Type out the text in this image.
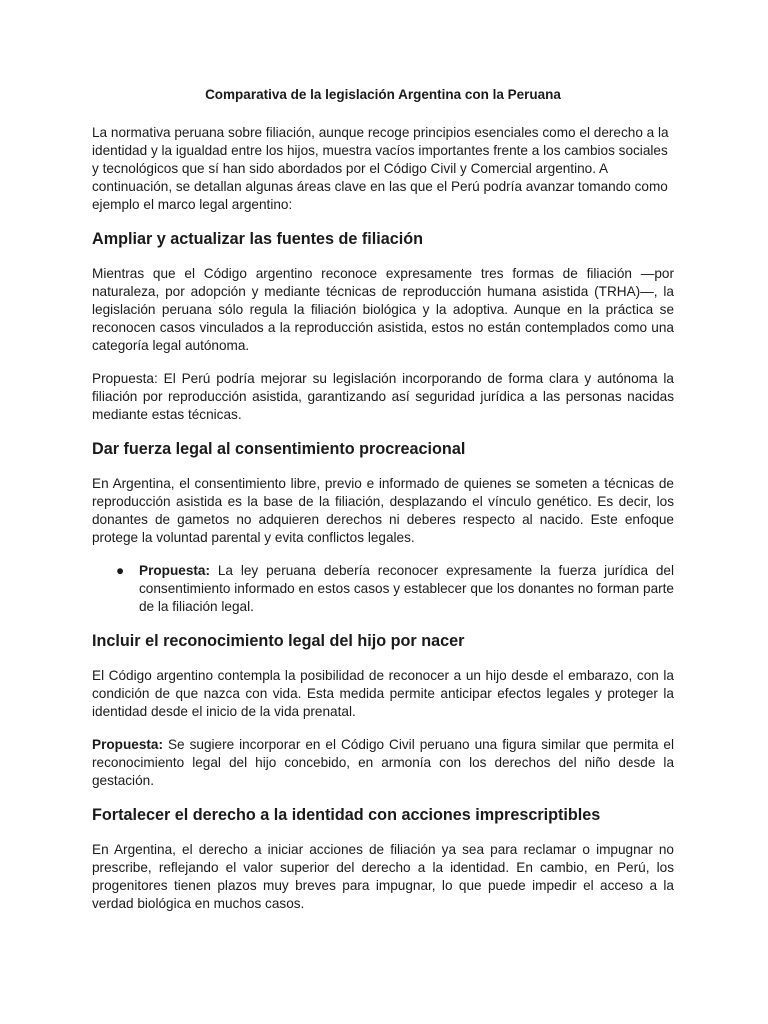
Comparativa de la legislación Argentina con la Peruana

La normativa peruana sobre filiación, aunque recoge principios esenciales como el derecho a la identidad y la igualdad entre los hijos, muestra vacíos importantes frente a los cambios sociales y tecnológicos que sí han sido abordados por el Código Civil y Comercial argentino. A continuación, se detallan algunas áreas clave en las que el Perú podría avanzar tomando como ejemplo el marco legal argentino:

Ampliar y actualizar las fuentes de filiación

Mientras que el Código argentino reconoce expresamente tres formas de filiación —por naturaleza, por adopción y mediante técnicas de reproducción humana asistida (TRHA)—, la legislación peruana sólo regula la filiación biológica y la adoptiva. Aunque en la práctica se reconocen casos vinculados a la reproducción asistida, estos no están contemplados como una categoría legal autónoma.

Propuesta: El Perú podría mejorar su legislación incorporando de forma clara y autónoma la filiación por reproducción asistida, garantizando así seguridad jurídica a las personas nacidas mediante estas técnicas.

Dar fuerza legal al consentimiento procreacional

En Argentina, el consentimiento libre, previo e informado de quienes se someten a técnicas de reproducción asistida es la base de la filiación, desplazando el vínculo genético. Es decir, los donantes de gametos no adquieren derechos ni deberes respecto al nacido. Este enfoque protege la voluntad parental y evita conflictos legales.

● Propuesta: La ley peruana debería reconocer expresamente la fuerza jurídica del consentimiento informado en estos casos y establecer que los donantes no forman parte de la filiación legal.
Incluir el reconocimiento legal del hijo por nacer

El Código argentino contempla la posibilidad de reconocer a un hijo desde el embarazo, con la condición de que nazca con vida. Esta medida permite anticipar efectos legales y proteger la identidad desde el inicio de la vida prenatal.

Propuesta: Se sugiere incorporar en el Código Civil peruano una figura similar que permita el reconocimiento legal del hijo concebido, en armonía con los derechos del niño desde la gestación.

Fortalecer el derecho a la identidad con acciones imprescriptibles

En Argentina, el derecho a iniciar acciones de filiación ya sea para reclamar o impugnar no prescribe, reflejando el valor superior del derecho a la identidad. En cambio, en Perú, los progenitores tienen plazos muy breves para impugnar, lo que puede impedir el acceso a la verdad biológica en muchos casos.
